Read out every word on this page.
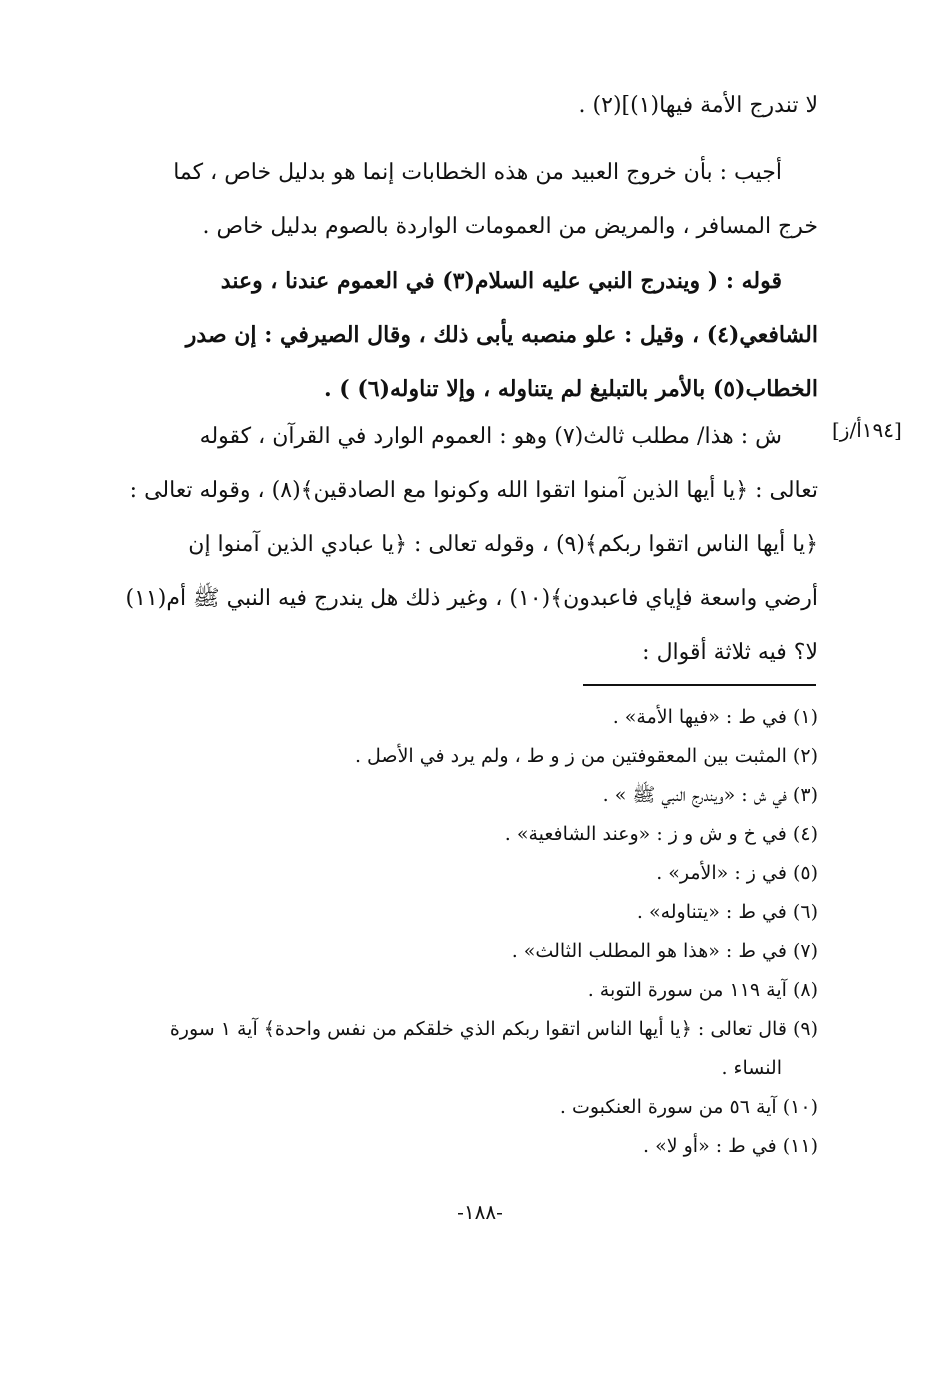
لا تندرج الأمة فيها(١)](٢) .
أجيب : بأن خروج العبيد من هذه الخطابات إنما هو بدليل خاص ، كما
خرج المسافر ، والمريض من العمومات الواردة بالصوم بدليل خاص .
قوله : ( ويندرج النبي عليه السلام(٣) في العموم عندنا ، وعند
الشافعي(٤) ، وقيل : علو منصبه يأبى ذلك ، وقال الصيرفي : إن صدر
الخطاب(٥) بالأمر بالتبليغ لم يتناوله ، وإلا تناوله(٦) ) .
ش : هذا/ مطلب ثالث(٧) وهو : العموم الوارد في القرآن ، كقوله
تعالى : ﴿يا أيها الذين آمنوا اتقوا الله وكونوا مع الصادقين﴾(٨) ، وقوله تعالى :
﴿يا أيها الناس اتقوا ربكم﴾(٩) ، وقوله تعالى : ﴿يا عبادي الذين آمنوا إن
أرضي واسعة فإياي فاعبدون﴾(١٠) ، وغير ذلك هل يندرج فيه النبي ﷺ أم(١١)
لا؟ فيه ثلاثة أقوال :
[١٩٤أ/ز]
(١) في ط : «فيها الأمة» .
(٢) المثبت بين المعقوفتين من ز و ط ، ولم يرد في الأصل .
(٣) في ش : «ويندرج النبي ﷺ » .
(٤) في خ و ش و ز : «وعند الشافعية» .
(٥) في ز : «الأمر» .
(٦) في ط : «يتناوله» .
(٧) في ط : «هذا هو المطلب الثالث» .
(٨) آية ١١٩ من سورة التوبة .
(٩) قال تعالى : ﴿يا أيها الناس اتقوا ربكم الذي خلقكم من نفس واحدة﴾ آية ١ سورة
النساء .
(١٠) آية ٥٦ من سورة العنكبوت .
(١١) في ط : «أو لا» .
-١٨٨-
